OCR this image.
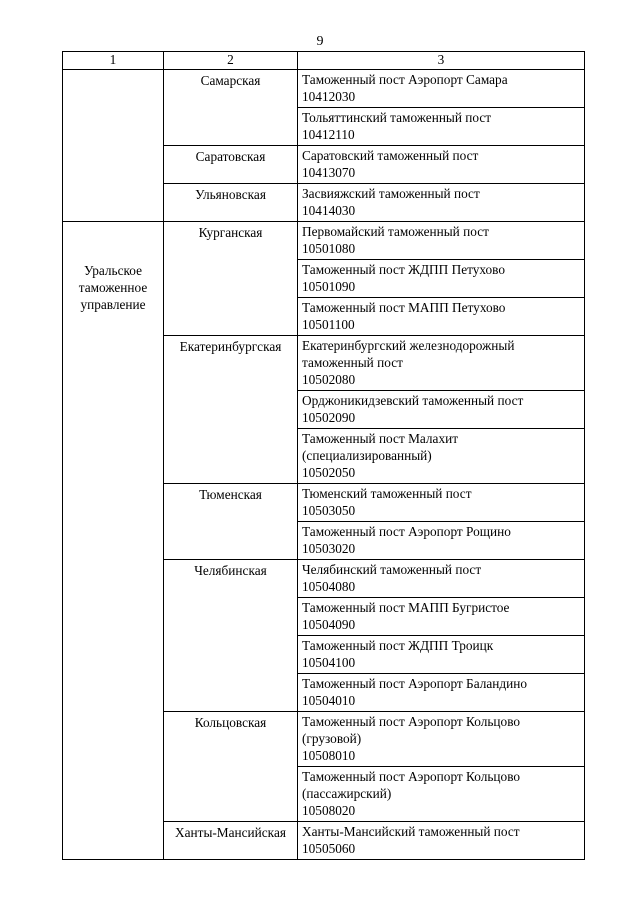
9
1	2	3
	Самарская	Таможенный пост Аэропорт Самара
10412030

		Тольяттинский таможенный пост
10412110

	Саратовская	Саратовский таможенный пост
10413070

	Ульяновская	Засвияжский таможенный пост
10414030

Уральское
таможенное
управление	Курганская	Первомайский таможенный пост
10501080

		Таможенный пост ЖДПП Петухово
10501090

		Таможенный пост МАПП Петухово
10501100

	Екатеринбургская	Екатеринбургский железнодорожный
таможенный пост
10502080

		Орджоникидзевский таможенный пост
10502090

		Таможенный пост Малахит
(специализированный)
10502050

	Тюменская	Тюменский таможенный пост
10503050

		Таможенный пост Аэропорт Рощино
10503020

	Челябинская	Челябинский таможенный пост
10504080

		Таможенный пост МАПП Бугристое
10504090

		Таможенный пост ЖДПП Троицк
10504100

		Таможенный пост Аэропорт Баландино
10504010

	Кольцовская	Таможенный пост Аэропорт Кольцово
(грузовой)
10508010

		Таможенный пост Аэропорт Кольцово
(пассажирский)
10508020

	Ханты-Мансийская	Ханты-Мансийский таможенный пост
10505060
